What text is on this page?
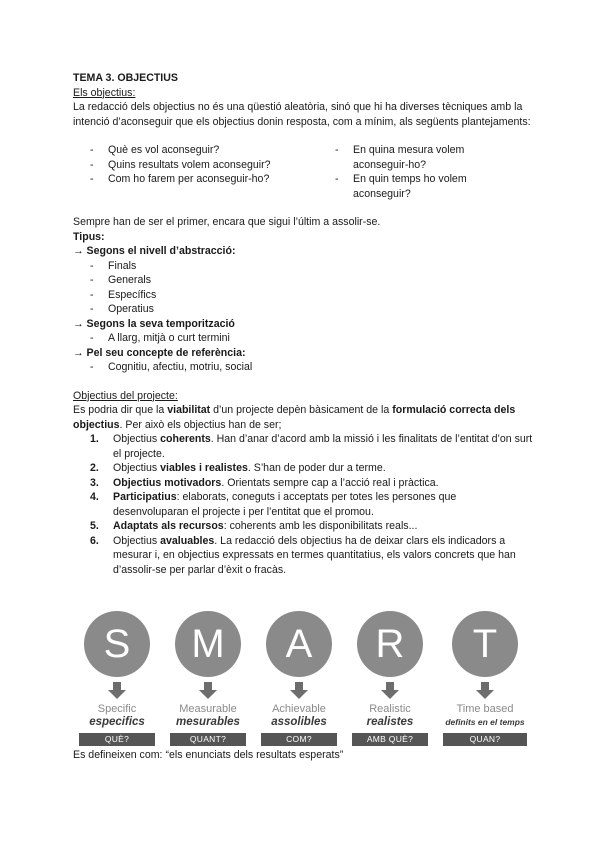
TEMA 3. OBJECTIUS

Els objectius:

La redacció dels objectius no és una qüestió aleatòria, sinó que hi ha diverses tècniques amb la intenció d’aconseguir que els objectius donin resposta, com a mínim, als següents plantejaments:

-	Què es vol aconseguir?
-	Quins resultats volem aconseguir?
-	Com ho farem per aconseguir-ho?
-	En quina mesura volem aconseguir-ho?
-	En quin temps ho volem aconseguir?

Sempre han de ser el primer, encara que sigui l’últim a assolir-se.

Tipus:

→ Segons el nivell d’abstracció:

-	Finals
-	Generals
-	Específics
-	Operatius

→ Segons la seva temporització

-	A llarg, mitjà o curt termini

→ Pel seu concepte de referència:

-	Cognitiu, afectiu, motriu, social

Objectius del projecte:

Es podria dir que la viabilitat d’un projecte depèn bàsicament de la formulació correcta dels objectius. Per això els objectius han de ser;

1.	Objectius coherents. Han d’anar d’acord amb la missió i les finalitats de l’entitat d’on surt el projecte.
2.	Objectius viables i realistes. S’han de poder dur a terme.
3.	Objectius motivadors. Orientats sempre cap a l’acció real i pràctica.
4.	Participatius: elaborats, coneguts i acceptats per totes les persones que desenvoluparan el projecte i per l’entitat que el promou.
5.	Adaptats als recursos: coherents amb les disponibilitats reals...
6.	Objectius avaluables. La redacció dels objectius ha de deixar clars els indicadors a mesurar i, en objectius expressats en termes quantitatius, els valors concrets que han d’assolir-se per parlar d’èxit o fracàs.
S
Specific
especifics
QUÈ?
M
Measurable
mesurables
QUANT?
A
Achievable
assolibles
COM?
R
Realistic
realistes
AMB QUÈ?
T
Time based
definits en el temps
QUAN?

Es defineixen com: “els enunciats dels resultats esperats”
